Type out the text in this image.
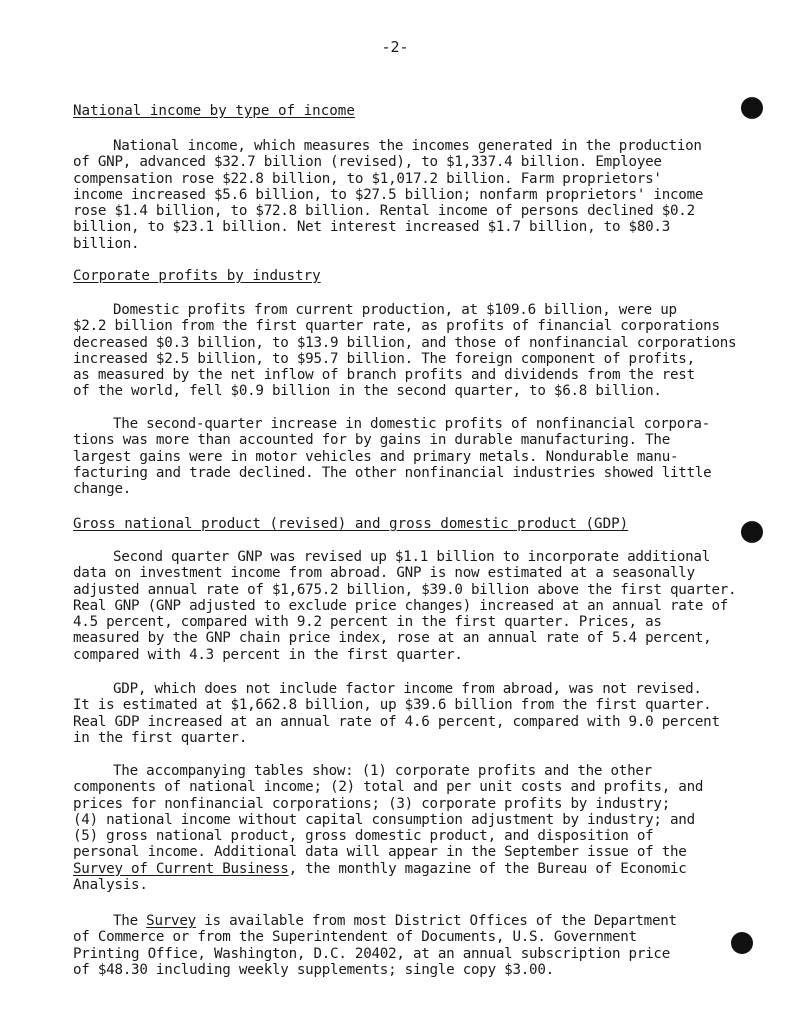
-2-
National income by type of income

National income, which measures the incomes generated in the production
of GNP, advanced $32.7 billion (revised), to $1,337.4 billion. Employee
compensation rose $22.8 billion, to $1,017.2 billion. Farm proprietors'
income increased $5.6 billion, to $27.5 billion; nonfarm proprietors' income
rose $1.4 billion, to $72.8 billion. Rental income of persons declined $0.2
billion, to $23.1 billion. Net interest increased $1.7 billion, to $80.3
billion.

Corporate profits by industry

Domestic profits from current production, at $109.6 billion, were up
$2.2 billion from the first quarter rate, as profits of financial corporations
decreased $0.3 billion, to $13.9 billion, and those of nonfinancial corporations
increased $2.5 billion, to $95.7 billion. The foreign component of profits,
as measured by the net inflow of branch profits and dividends from the rest
of the world, fell $0.9 billion in the second quarter, to $6.8 billion.

The second-quarter increase in domestic profits of nonfinancial corpora-
tions was more than accounted for by gains in durable manufacturing. The
largest gains were in motor vehicles and primary metals. Nondurable manu-
facturing and trade declined. The other nonfinancial industries showed little
change.

Gross national product (revised) and gross domestic product (GDP)

Second quarter GNP was revised up $1.1 billion to incorporate additional
data on investment income from abroad. GNP is now estimated at a seasonally
adjusted annual rate of $1,675.2 billion, $39.0 billion above the first quarter.
Real GNP (GNP adjusted to exclude price changes) increased at an annual rate of
4.5 percent, compared with 9.2 percent in the first quarter. Prices, as
measured by the GNP chain price index, rose at an annual rate of 5.4 percent,
compared with 4.3 percent in the first quarter.

GDP, which does not include factor income from abroad, was not revised.
It is estimated at $1,662.8 billion, up $39.6 billion from the first quarter.
Real GDP increased at an annual rate of 4.6 percent, compared with 9.0 percent
in the first quarter.

The accompanying tables show: (1) corporate profits and the other
components of national income; (2) total and per unit costs and profits, and
prices for nonfinancial corporations; (3) corporate profits by industry;
(4) national income without capital consumption adjustment by industry; and
(5) gross national product, gross domestic product, and disposition of
personal income. Additional data will appear in the September issue of the
Survey of Current Business, the monthly magazine of the Bureau of Economic
Analysis.

The Survey is available from most District Offices of the Department
of Commerce or from the Superintendent of Documents, U.S. Government
Printing Office, Washington, D.C. 20402, at an annual subscription price
of $48.30 including weekly supplements; single copy $3.00.
